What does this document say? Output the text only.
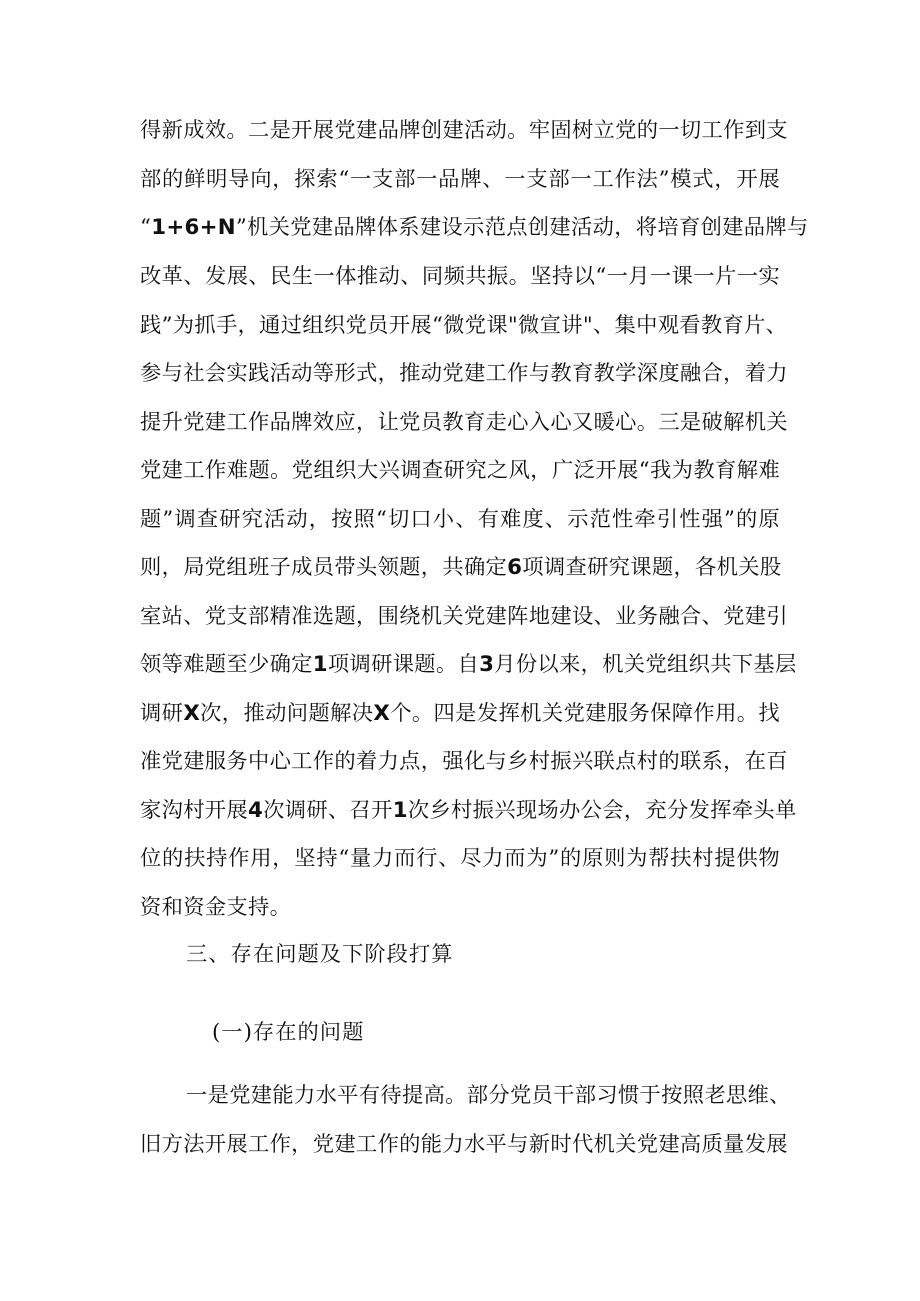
得新成效。二是开展党建品牌创建活动。牢固树立党的一切工作到支
部的鲜明导向，探索“一支部一品牌、一支部一工作法”模式，开展
“1+6+N”机关党建品牌体系建设示范点创建活动，将培育创建品牌与
改革、发展、民生一体推动、同频共振。坚持以“一月一课一片一实
践”为抓手，通过组织党员开展“微党课"微宣讲"、集中观看教育片、
参与社会实践活动等形式，推动党建工作与教育教学深度融合，着力
提升党建工作品牌效应，让党员教育走心入心又暖心。三是破解机关
党建工作难题。党组织大兴调查研究之风，广泛开展“我为教育解难
题”调查研究活动，按照“切口小、有难度、示范性牵引性强”的原
则，局党组班子成员带头领题，共确定6项调查研究课题，各机关股
室站、党支部精准选题，围绕机关党建阵地建设、业务融合、党建引
领等难题至少确定1项调研课题。自3月份以来，机关党组织共下基层
调研X次，推动问题解决X个。四是发挥机关党建服务保障作用。找
准党建服务中心工作的着力点，强化与乡村振兴联点村的联系，在百
家沟村开展4次调研、召开1次乡村振兴现场办公会，充分发挥牵头单
位的扶持作用，坚持“量力而行、尽力而为”的原则为帮扶村提供物
资和资金支持。
三、存在问题及下阶段打算
(一)存在的问题
一是党建能力水平有待提高。部分党员干部习惯于按照老思维、
旧方法开展工作，党建工作的能力水平与新时代机关党建高质量发展
